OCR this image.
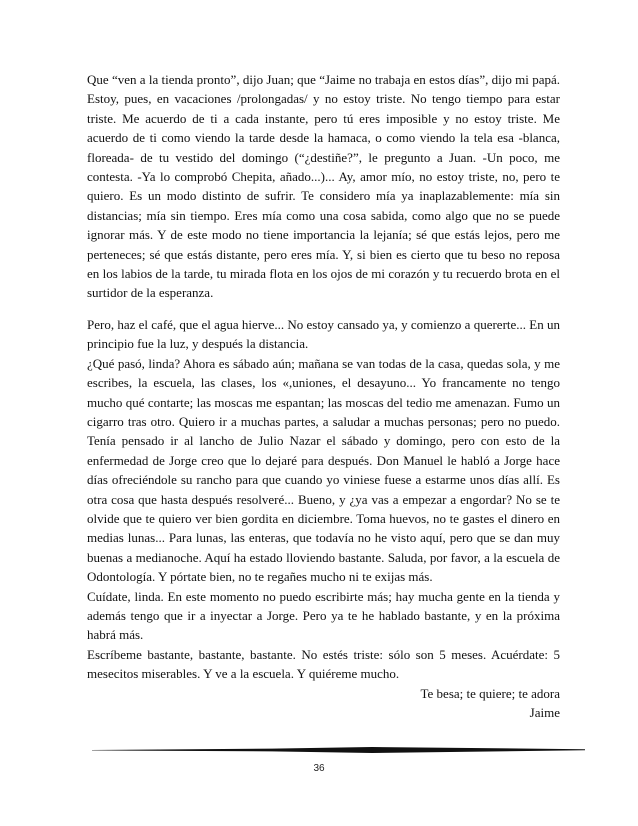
Que “ven a la tienda pronto”, dijo Juan; que “Jaime no trabaja en estos días”, dijo mi papá. Estoy, pues, en vacaciones /prolongadas/ y no estoy triste. No tengo tiempo para estar triste. Me acuerdo de ti a cada instante, pero tú eres imposible y no estoy triste. Me acuerdo de ti como viendo la tarde desde la hamaca, o como viendo la tela esa -blanca, floreada- de tu vestido del domingo (“¿destiñe?”, le pregunto a Juan. -Un poco, me contesta. -Ya lo comprobó Chepita, añado...)... Ay, amor mío, no estoy triste, no, pero te quiero. Es un modo distinto de sufrir. Te considero mía ya inaplazablemente: mía sin distancias; mía sin tiempo. Eres mía como una cosa sabida, como algo que no se puede ignorar más. Y de este modo no tiene importancia la lejanía; sé que estás lejos, pero me perteneces; sé que estás distante, pero eres mía. Y, si bien es cierto que tu beso no reposa en los labios de la tarde, tu mirada flota en los ojos de mi corazón y tu recuerdo brota en el surtidor de la esperanza.

Pero, haz el café, que el agua hierve... No estoy cansado ya, y comienzo a quererte... En un principio fue la luz, y después la distancia.

¿Qué pasó, linda? Ahora es sábado aún; mañana se van todas de la casa, quedas sola, y me escribes, la escuela, las clases, los «,uniones, el desayuno... Yo francamente no tengo mucho qué contarte; las moscas me espantan; las moscas del tedio me amenazan. Fumo un cigarro tras otro. Quiero ir a muchas partes, a saludar a muchas personas; pero no puedo. Tenía pensado ir al lancho de Julio Nazar el sábado y domingo, pero con esto de la enfermedad de Jorge creo que lo dejaré para después. Don Manuel le habló a Jorge hace días ofreciéndole su rancho para que cuando yo viniese fuese a estarme unos días allí. Es otra cosa que hasta después resolveré... Bueno, y ¿ya vas a empezar a engordar? No se te olvide que te quiero ver bien gordita en diciembre. Toma huevos, no te gastes el dinero en medias lunas... Para lunas, las enteras, que todavía no he visto aquí, pero que se dan muy buenas a medianoche. Aquí ha estado lloviendo bastante. Saluda, por favor, a la escuela de Odontología. Y pórtate bien, no te regañes mucho ni te exijas más.

Cuídate, linda. En este momento no puedo escribirte más; hay mucha gente en la tienda y además tengo que ir a inyectar a Jorge. Pero ya te he hablado bastante, y en la próxima habrá más.

Escríbeme bastante, bastante, bastante. No estés triste: sólo son 5 meses. Acuérdate: 5 mesecitos miserables. Y ve a la escuela. Y quiéreme mucho.

Te besa; te quiere; te adora

Jaime

36
